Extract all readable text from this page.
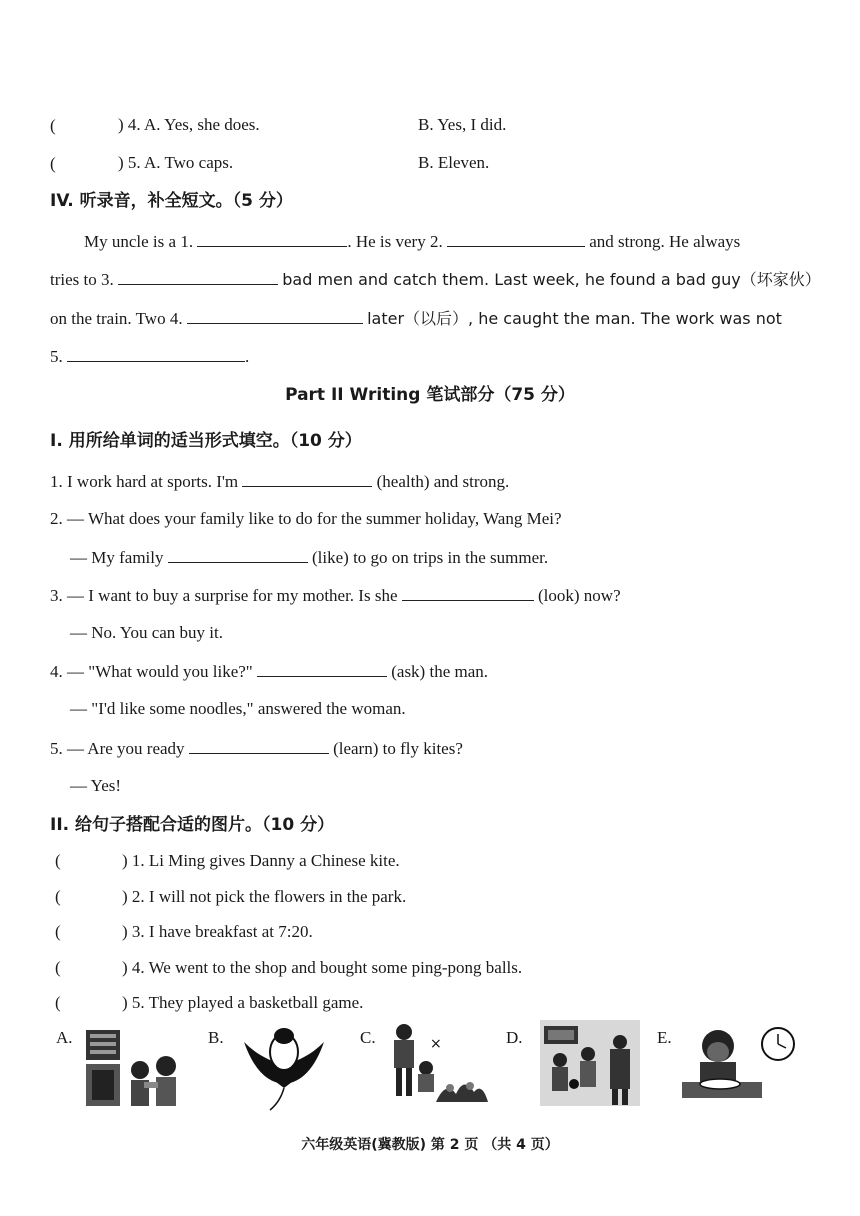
(	) 4. A. Yes, she does.	B. Yes, I did.
(	) 5. A. Two caps.	B. Eleven.
IV. 听录音，补全短文。（5 分）
My uncle is a 1.	. He is very 2.	and strong. He always
tries to 3.	bad men and catch them. Last week, he found a bad guy（坏家伙）
on the train. Two 4.	later（以后）, he caught the man. The work was not
5.	.
Part II Writing 笔试部分（75 分）
I. 用所给单词的适当形式填空。（10 分）
1. I work hard at sports. I'm	(health) and strong.
2. — What does your family like to do for the summer holiday, Wang Mei?
— My family	(like) to go on trips in the summer.
3. — I want to buy a surprise for my mother. Is she	(look) now?
— No. You can buy it.
4. — "What would you like?"	(ask) the man.
— "I'd like some noodles," answered the woman.
5. — Are you ready	(learn) to fly kites?
— Yes!
II. 给句子搭配合适的图片。（10 分）
(	) 1. Li Ming gives Danny a Chinese kite.
(	) 2. I will not pick the flowers in the park.
(	) 3. I have breakfast at 7:20.
(	) 4. We went to the shop and bought some ping-pong balls.
(	) 5. They played a basketball game.
A.	B.	C.	×	D.	E.
六年级英语(冀教版) 第 2 页 （共 4 页）
